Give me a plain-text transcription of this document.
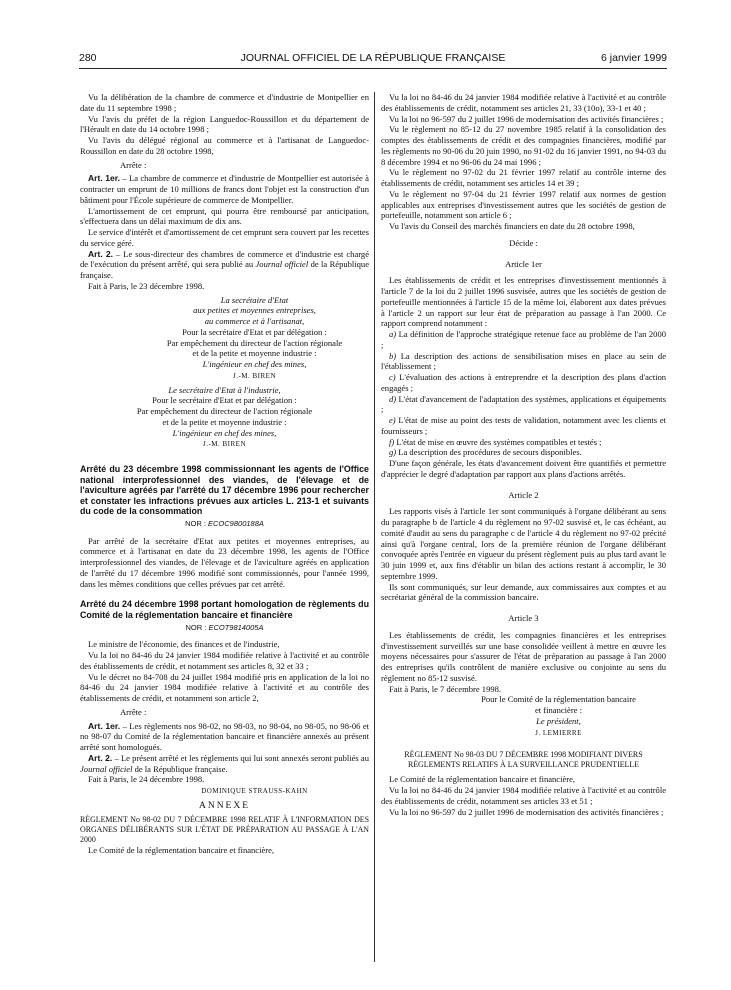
280	JOURNAL OFFICIEL DE LA RÉPUBLIQUE FRANÇAISE	6 janvier 1999

Vu la délibération de la chambre de commerce et d'industrie de Montpellier en date du 11 septembre 1998 ;

Vu l'avis du préfet de la région Languedoc-Roussillon et du département de l'Hérault en date du 14 octobre 1998 ;

Vu l'avis du délégué régional au commerce et à l'artisanat de Languedoc-Roussillon en date du 28 octobre 1998,

Arrête :

Art. 1er. – La chambre de commerce et d'industrie de Montpellier est autorisée à contracter un emprunt de 10 millions de francs dont l'objet est la construction d'un bâtiment pour l'École supérieure de commerce de Montpellier.

L'amortissement de cet emprunt, qui pourra être remboursé par anticipation, s'effectuera dans un délai maximum de dix ans.

Le service d'intérêt et d'amortissement de cet emprunt sera couvert par les recettes du service géré.

Art. 2. – Le sous-directeur des chambres de commerce et d'industrie est chargé de l'exécution du présent arrêté, qui sera publié au Journal officiel de la République française.

Fait à Paris, le 23 décembre 1998.

La secrétaire d'Etat

aux petites et moyennes entreprises,

au commerce et à l'artisanat,

Pour la secrétaire d'Etat et par délégation :

Par empêchement du directeur de l'action régionale

et de la petite et moyenne industrie :

L'ingénieur en chef des mines,

J.-M. BIREN

Le secrétaire d'Etat à l'industrie,

Pour le secrétaire d'Etat et par délégation :

Par empêchement du directeur de l'action régionale

et de la petite et moyenne industrie :

L'ingénieur en chef des mines,

J.-M. BIREN

Arrêté du 23 décembre 1998 commissionnant les agents de l'Office national interprofessionnel des viandes, de l'élevage et de l'aviculture agréés par l'arrêté du 17 décembre 1996 pour rechercher et constater les infractions prévues aux articles L. 213-1 et suivants du code de la consommation

NOR : ECOC9800188A

Par arrêté de la secrétaire d'Etat aux petites et moyennes entreprises, au commerce et à l'artisanat en date du 23 décembre 1998, les agents de l'Office interprofessionnel des viandes, de l'élevage et de l'aviculture agréés en application de l'arrêté du 17 décembre 1996 modifié sont commissionnés, pour l'année 1999, dans les mêmes conditions que celles prévues par cet arrêté.

Arrêté du 24 décembre 1998 portant homologation de règlements du Comité de la réglementation bancaire et financière

NOR : ECOT9814005A

Le ministre de l'économie, des finances et de l'industrie,

Vu la loi no 84-46 du 24 janvier 1984 modifiée relative à l'activité et au contrôle des établissements de crédit, et notamment ses articles 8, 32 et 33 ;

Vu le décret no 84-708 du 24 juillet 1984 modifié pris en application de la loi no 84-46 du 24 janvier 1984 modifiée relative à l'activité et au contrôle des établissements de crédit, et notamment son article 2,

Arrête :

Art. 1er. – Les règlements nos 98-02, no 98-03, no 98-04, no 98-05, no 98-06 et no 98-07 du Comité de la réglementation bancaire et financière annexés au présent arrêté sont homologués.

Art. 2. – Le présent arrêté et les règlements qui lui sont annexés seront publiés au Journal officiel de la République française.

Fait à Paris, le 24 décembre 1998.

DOMINIQUE STRAUSS-KAHN

ANNEXE

RÈGLEMENT No 98-02 DU 7 DÉCEMBRE 1998 RELATIF À L'INFORMATION DES ORGANES DÉLIBÉRANTS SUR L'ÉTAT DE PRÉPARATION AU PASSAGE À L'AN 2000

Le Comité de la réglementation bancaire et financière,

Vu la loi no 84-46 du 24 janvier 1984 modifiée relative à l'activité et au contrôle des établissements de crédit, notamment ses articles 21, 33 (10o), 33-1 et 40 ;

Vu la loi no 96-597 du 2 juillet 1996 de modernisation des activités financières ;

Vu le règlement no 85-12 du 27 novembre 1985 relatif à la consolidation des comptes des établissements de crédit et des compagnies financières, modifié par les règlements no 90-06 du 20 juin 1990, no 91-02 du 16 janvier 1991, no 94-03 du 8 décembre 1994 et no 96-06 du 24 mai 1996 ;

Vu le règlement no 97-02 du 21 février 1997 relatif au contrôle interne des établissements de crédit, notamment ses articles 14 et 39 ;

Vu le règlement no 97-04 du 21 février 1997 relatif aux normes de gestion applicables aux entreprises d'investissement autres que les sociétés de gestion de portefeuille, notamment son article 6 ;

Vu l'avis du Conseil des marchés financiers en date du 28 octobre 1998,

Décide :

Article 1er

Les établissements de crédit et les entreprises d'investissement mentionnés à l'article 7 de la loi du 2 juillet 1996 susvisée, autres que les sociétés de gestion de portefeuille mentionnées à l'article 15 de la même loi, élaborent aux dates prévues à l'article 2 un rapport sur leur état de préparation au passage à l'an 2000. Ce rapport comprend notamment :

a) La définition de l'approche stratégique retenue face au problème de l'an 2000 ;

b) La description des actions de sensibilisation mises en place au sein de l'établissement ;

c) L'évaluation des actions à entreprendre et la description des plans d'action engagés ;

d) L'état d'avancement de l'adaptation des systèmes, applications et équipements ;

e) L'état de mise au point des tests de validation, notamment avec les clients et fournisseurs ;

f) L'état de mise en œuvre des systèmes compatibles et testés ;

g) La description des procédures de secours disponibles.

D'une façon générale, les états d'avancement doivent être quantifiés et permettre d'apprécier le degré d'adaptation par rapport aux plans d'actions arrêtés.

Article 2

Les rapports visés à l'article 1er sont communiqués à l'organe délibérant au sens du paragraphe b de l'article 4 du règlement no 97-02 susvisé et, le cas échéant, au comité d'audit au sens du paragraphe c de l'article 4 du règlement no 97-02 précité ainsi qu'à l'organe central, lors de la première réunion de l'organe délibérant convoquée après l'entrée en vigueur du présent règlement puis au plus tard avant le 30 juin 1999 et, aux fins d'établir un bilan des actions restant à accomplir, le 30 septembre 1999.

Ils sont communiqués, sur leur demande, aux commissaires aux comptes et au secrétariat général de la commission bancaire.

Article 3

Les établissements de crédit, les compagnies financières et les entreprises d'investissement surveillés sur une base consolidée veillent à mettre en œuvre les moyens nécessaires pour s'assurer de l'état de préparation au passage à l'an 2000 des entreprises qu'ils contrôlent de manière exclusive ou conjointe au sens du règlement no 85-12 susvisé.

Fait à Paris, le 7 décembre 1998.

Pour le Comité de la réglementation bancaire

et financière :

Le président,

J. LEMIERRE

RÈGLEMENT No 98-03 DU 7 DÉCEMBRE 1998 MODIFIANT DIVERS RÈGLEMENTS RELATIFS À LA SURVEILLANCE PRUDENTIELLE

Le Comité de la réglementation bancaire et financière,

Vu la loi no 84-46 du 24 janvier 1984 modifiée relative à l'activité et au contrôle des établissements de crédit, notamment ses articles 33 et 51 ;

Vu la loi no 96-597 du 2 juillet 1996 de modernisation des activités financières ;
